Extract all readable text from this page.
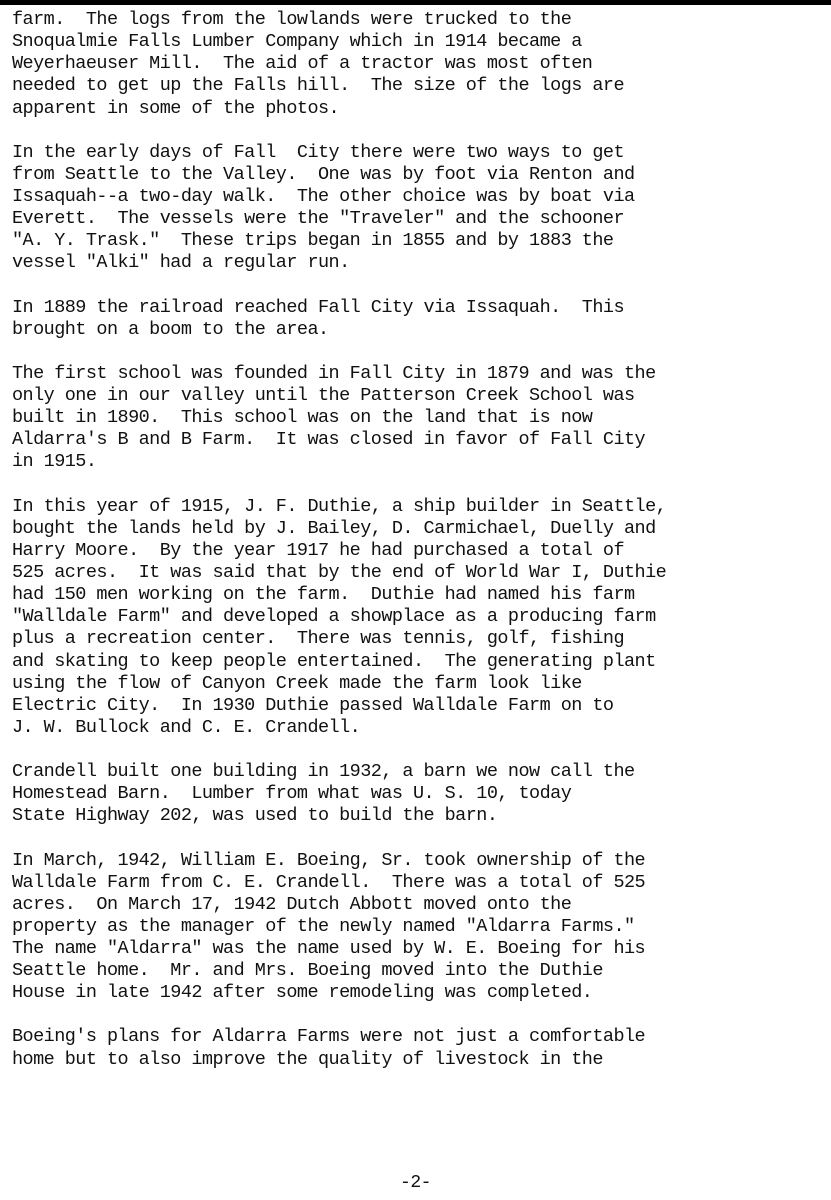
farm.  The logs from the lowlands were trucked to the
Snoqualmie Falls Lumber Company which in 1914 became a
Weyerhaeuser Mill.  The aid of a tractor was most often
needed to get up the Falls hill.  The size of the logs are
apparent in some of the photos.
In the early days of Fall  City there were two ways to get
from Seattle to the Valley.  One was by foot via Renton and
Issaquah--a two-day walk.  The other choice was by boat via
Everett.  The vessels were the "Traveler" and the schooner
"A. Y. Trask."  These trips began in 1855 and by 1883 the
vessel "Alki" had a regular run.
In 1889 the railroad reached Fall City via Issaquah.  This
brought on a boom to the area.
The first school was founded in Fall City in 1879 and was the
only one in our valley until the Patterson Creek School was
built in 1890.  This school was on the land that is now
Aldarra's B and B Farm.  It was closed in favor of Fall City
in 1915.
In this year of 1915, J. F. Duthie, a ship builder in Seattle,
bought the lands held by J. Bailey, D. Carmichael, Duelly and
Harry Moore.  By the year 1917 he had purchased a total of
525 acres.  It was said that by the end of World War I, Duthie
had 150 men working on the farm.  Duthie had named his farm
"Walldale Farm" and developed a showplace as a producing farm
plus a recreation center.  There was tennis, golf, fishing
and skating to keep people entertained.  The generating plant
using the flow of Canyon Creek made the farm look like
Electric City.  In 1930 Duthie passed Walldale Farm on to
J. W. Bullock and C. E. Crandell.
Crandell built one building in 1932, a barn we now call the
Homestead Barn.  Lumber from what was U. S. 10, today
State Highway 202, was used to build the barn.
In March, 1942, William E. Boeing, Sr. took ownership of the
Walldale Farm from C. E. Crandell.  There was a total of 525
acres.  On March 17, 1942 Dutch Abbott moved onto the
property as the manager of the newly named "Aldarra Farms."
The name "Aldarra" was the name used by W. E. Boeing for his
Seattle home.  Mr. and Mrs. Boeing moved into the Duthie
House in late 1942 after some remodeling was completed.
Boeing's plans for Aldarra Farms were not just a comfortable
home but to also improve the quality of livestock in the
-2-
